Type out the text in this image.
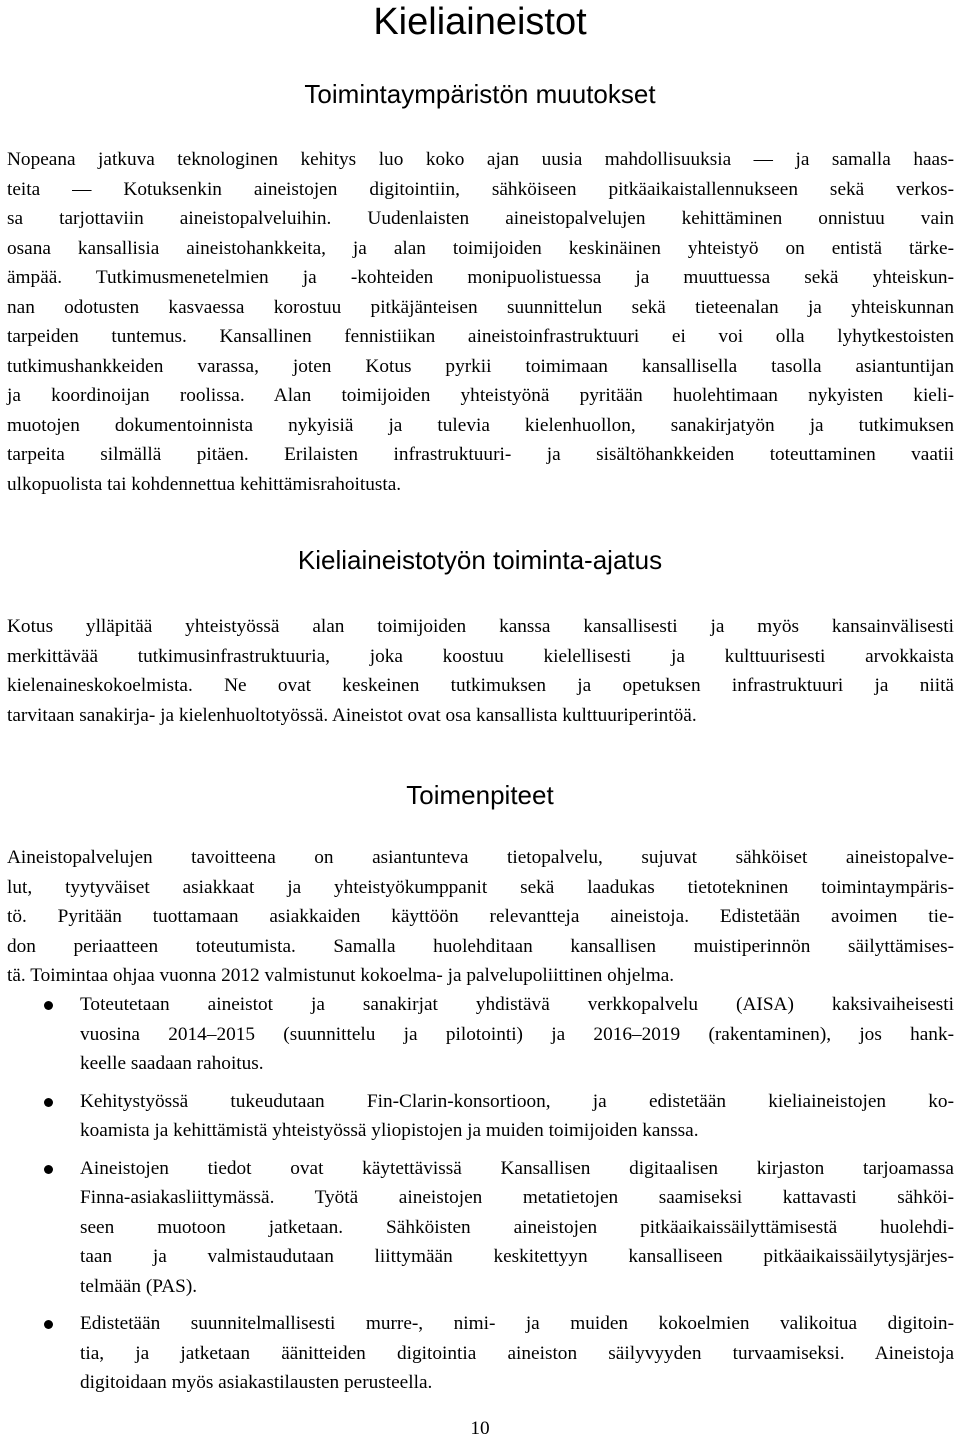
Kieliaineistot
Toimintaympäristön muutokset

Nopeana jatkuva teknologinen kehitys luo koko ajan uusia mahdollisuuksia — ja samalla haas-
teita — Kotuksenkin aineistojen digitointiin, sähköiseen pitkäaikaistallennukseen sekä verkos-
sa tarjottaviin aineistopalveluihin. Uudenlaisten aineistopalvelujen kehittäminen onnistuu vain
osana kansallisia aineistohankkeita, ja alan toimijoiden keskinäinen yhteistyö on entistä tärke-
ämpää. Tutkimusmenetelmien ja -kohteiden monipuolistuessa ja muuttuessa sekä yhteiskun-
nan odotusten kasvaessa korostuu pitkäjänteisen suunnittelun sekä tieteenalan ja yhteiskunnan
tarpeiden tuntemus. Kansallinen fennistiikan aineistoinfrastruktuuri ei voi olla lyhytkestoisten
tutkimushankkeiden varassa, joten Kotus pyrkii toimimaan kansallisella tasolla asiantuntijan
ja koordinoijan roolissa. Alan toimijoiden yhteistyönä pyritään huolehtimaan nykyisten kieli-
muotojen dokumentoinnista nykyisiä ja tulevia kielenhuollon, sanakirjatyön ja tutkimuksen
tarpeita silmällä pitäen. Erilaisten infrastruktuuri- ja sisältöhankkeiden toteuttaminen vaatii
ulkopuolista tai kohdennettua kehittämisrahoitusta.

Kieliaineistotyön toiminta-ajatus

Kotus ylläpitää yhteistyössä alan toimijoiden kanssa kansallisesti ja myös kansainvälisesti
merkittävää tutkimusinfrastruktuuria, joka koostuu kielellisesti ja kulttuurisesti arvokkaista
kielenaineskokoelmista. Ne ovat keskeinen tutkimuksen ja opetuksen infrastruktuuri ja niitä
tarvitaan sanakirja- ja kielenhuoltotyössä. Aineistot ovat osa kansallista kulttuuriperintöä.

Toimenpiteet

Aineistopalvelujen tavoitteena on asiantunteva tietopalvelu, sujuvat sähköiset aineistopalve-
lut, tyytyväiset asiakkaat ja yhteistyökumppanit sekä laadukas tietotekninen toimintaympäris-
tö. Pyritään tuottamaan asiakkaiden käyttöön relevantteja aineistoja. Edistetään avoimen tie-
don periaatteen toteutumista. Samalla huolehditaan kansallisen muistiperinnön säilyttämises-
tä. Toimintaa ohjaa vuonna 2012 valmistunut kokoelma- ja palvelupoliittinen ohjelma.

Toteutetaan aineistot ja sanakirjat yhdistävä verkkopalvelu (AISA) kaksivaiheisesti
vuosina 2014–2015 (suunnittelu ja pilotointi) ja 2016–2019 (rakentaminen), jos hank-
keelle saadaan rahoitus.
Kehitystyössä tukeudutaan Fin-Clarin-konsortioon, ja edistetään kieliaineistojen ko-
koamista ja kehittämistä yhteistyössä yliopistojen ja muiden toimijoiden kanssa.
Aineistojen tiedot ovat käytettävissä Kansallisen digitaalisen kirjaston tarjoamassa
Finna-asiakasliittymässä. Työtä aineistojen metatietojen saamiseksi kattavasti sähköi-
seen muotoon jatketaan. Sähköisten aineistojen pitkäaikaissäilyttämisestä huolehdi-
taan ja valmistaudutaan liittymään keskitettyyn kansalliseen pitkäaikaissäilytysjärjes-
telmään (PAS).
Edistetään suunnitelmallisesti murre-, nimi- ja muiden kokoelmien valikoitua digitoin-
tia, ja jatketaan äänitteiden digitointia aineiston säilyvyyden turvaamiseksi. Aineistoja
digitoidaan myös asiakastilausten perusteella.

10
